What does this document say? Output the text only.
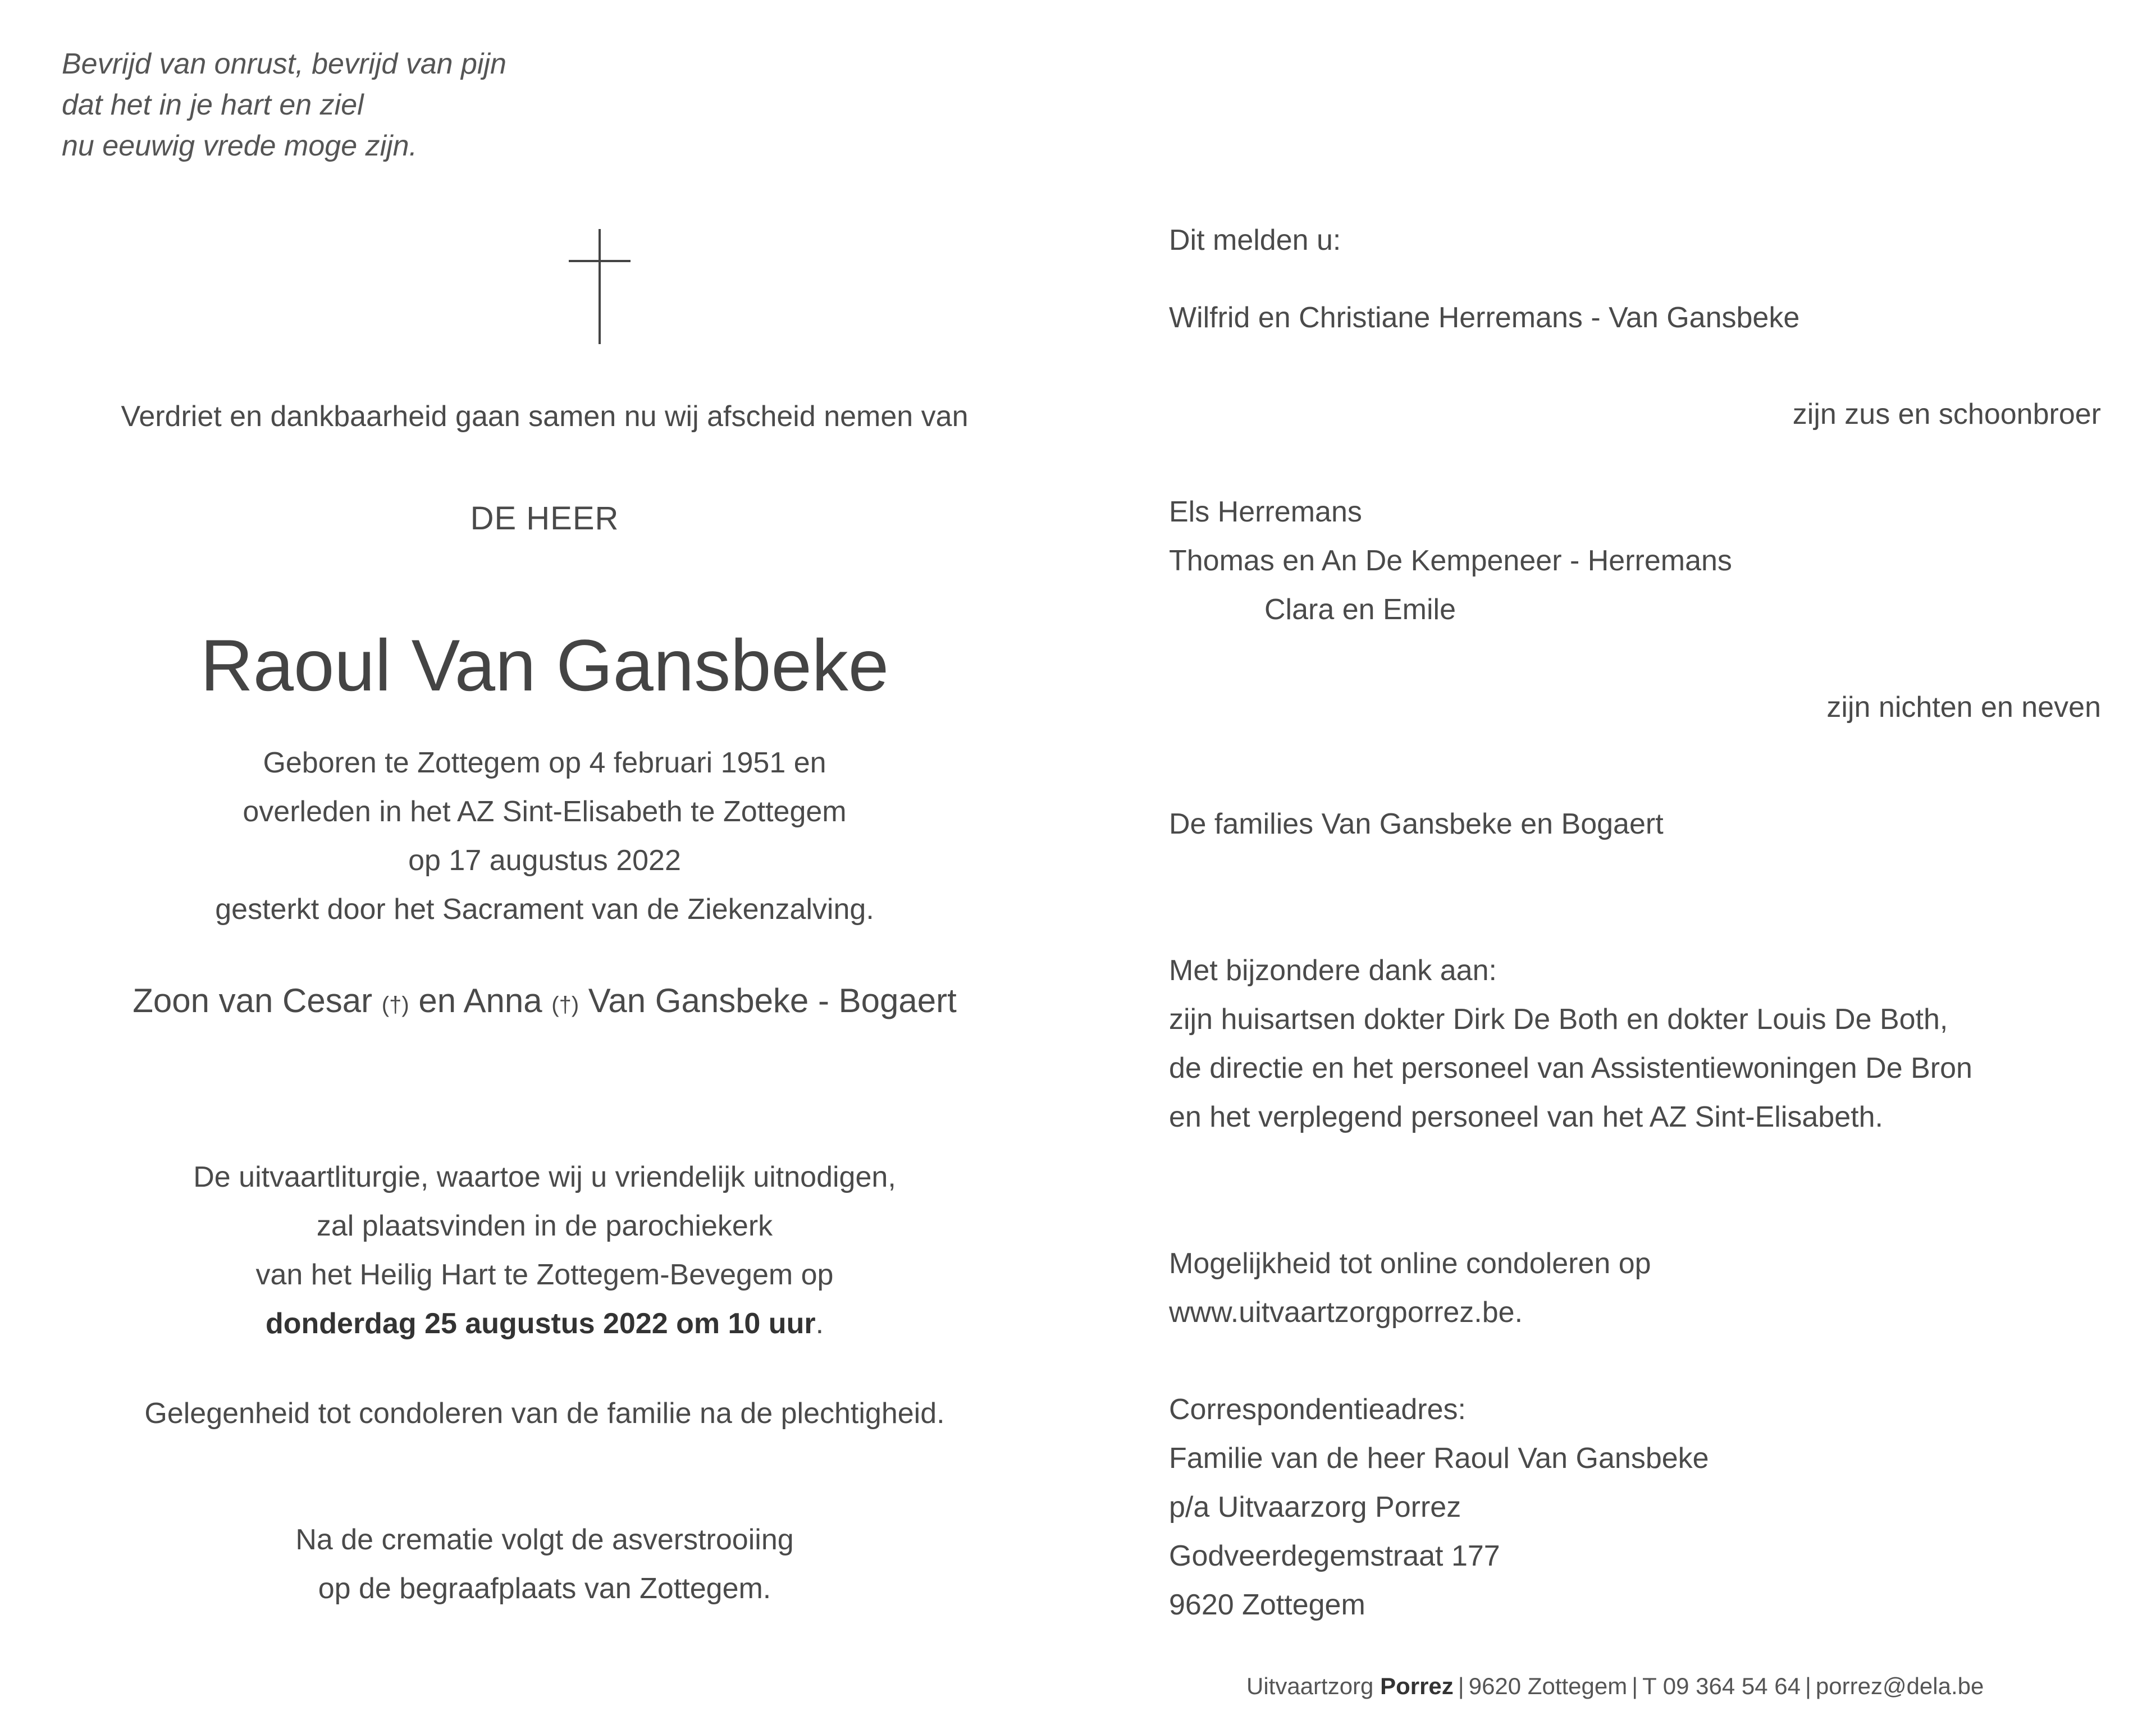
Bevrijd van onrust, bevrijd van pijn
dat het in je hart en ziel
nu eeuwig vrede moge zijn.
Verdriet en dankbaarheid gaan samen nu wij afscheid nemen van
DE HEER
Raoul Van Gansbeke
Geboren te Zottegem op 4 februari 1951 en
overleden in het AZ Sint-Elisabeth te Zottegem
op 17 augustus 2022
gesterkt door het Sacrament van de Ziekenzalving.
Zoon van Cesar (†) en Anna (†) Van Gansbeke - Bogaert
De uitvaartliturgie, waartoe wij u vriendelijk uitnodigen,
zal plaatsvinden in de parochiekerk
van het Heilig Hart te Zottegem-Bevegem op
donderdag 25 augustus 2022 om 10 uur.
Gelegenheid tot condoleren van de familie na de plechtigheid.
Na de crematie volgt de asverstrooiing
op de begraafplaats van Zottegem.
Dit melden u:
Wilfrid en Christiane Herremans - Van Gansbeke
zijn zus en schoonbroer
Els Herremans
Thomas en An De Kempeneer - Herremans
Clara en Emile
zijn nichten en neven
De families Van Gansbeke en Bogaert
Met bijzondere dank aan:
zijn huisartsen dokter Dirk De Both en dokter Louis De Both,
de directie en het personeel van Assistentiewoningen De Bron
en het verplegend personeel van het AZ Sint-Elisabeth.
Mogelijkheid tot online condoleren op
www.uitvaartzorgporrez.be.
Correspondentieadres:
Familie van de heer Raoul Van Gansbeke
p/a Uitvaarzorg Porrez
Godveerdegemstraat 177
9620 Zottegem
Uitvaartzorg Porrez | 9620 Zottegem | T 09 364 54 64 | porrez@dela.be
